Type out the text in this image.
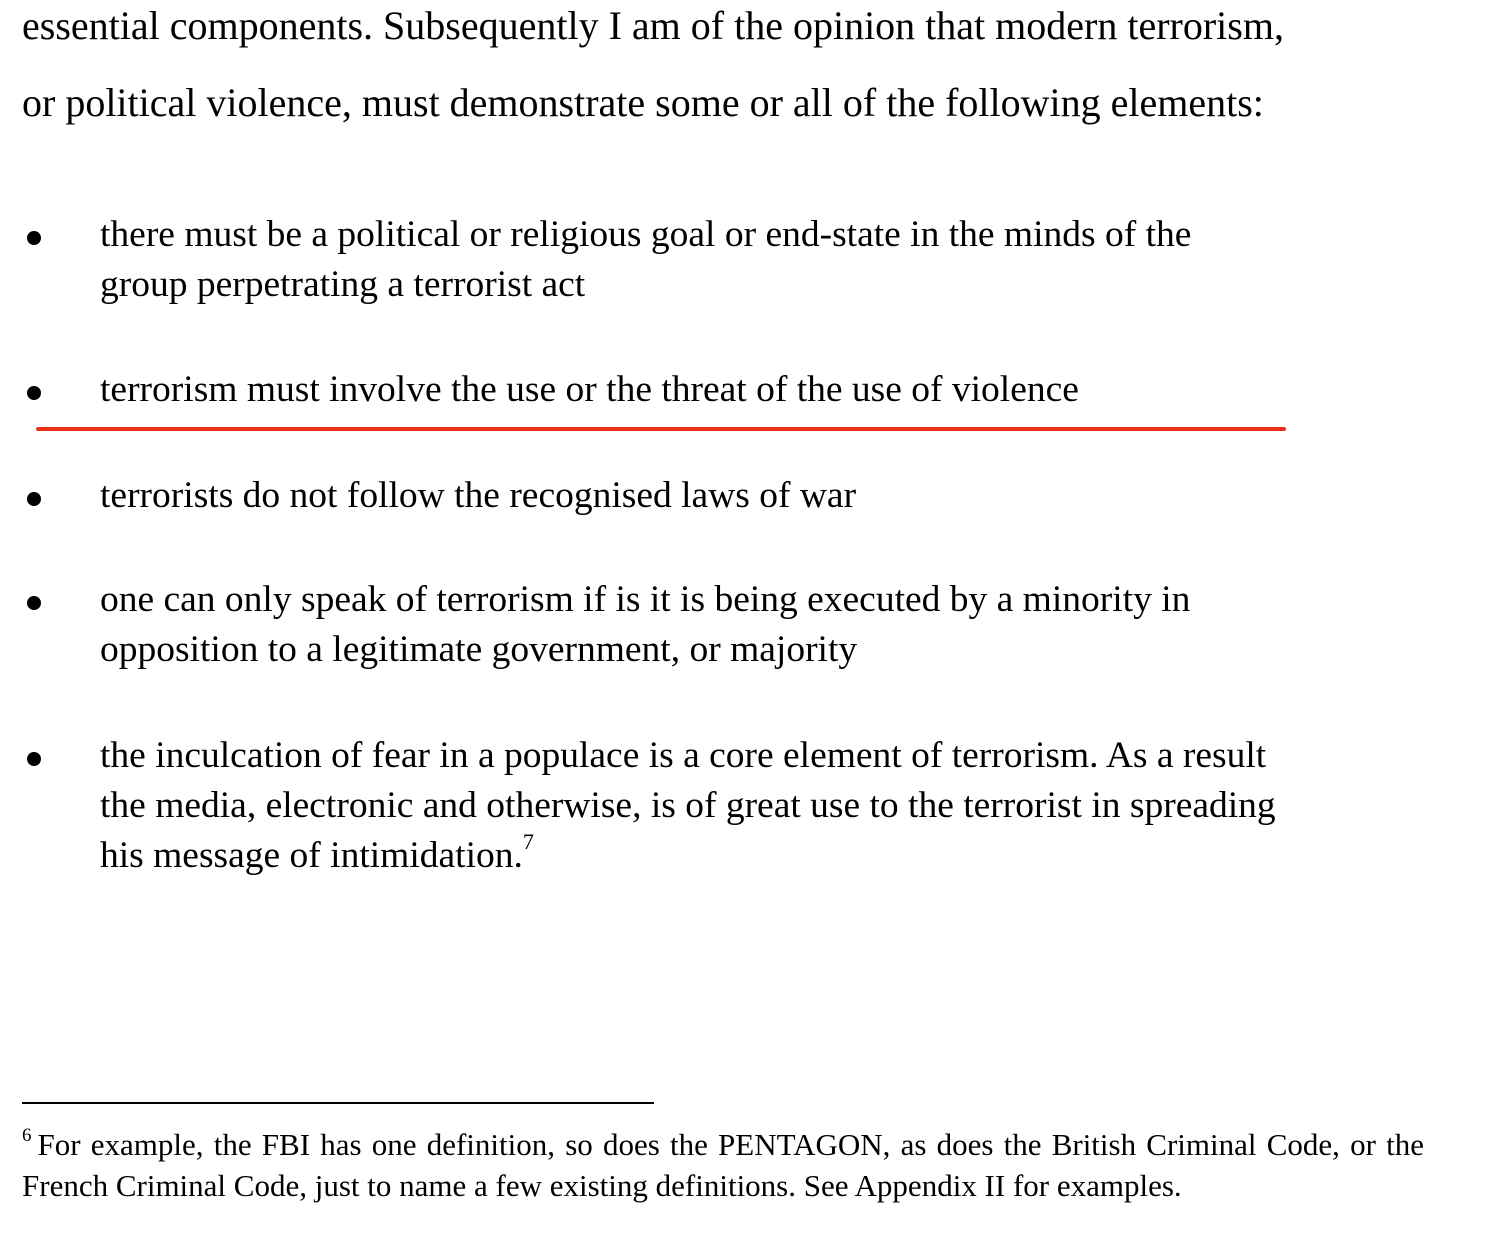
essential components. Subsequently I am of the opinion that modern terrorism,
or political violence, must demonstrate some or all of the following elements:
there must be a political or religious goal or end-state in the minds of the
group perpetrating a terrorist act
terrorism must involve the use or the threat of the use of violence
terrorists do not follow the recognised laws of war
one can only speak of terrorism if is it is being executed by a minority in
opposition to a legitimate government, or majority
the inculcation of fear in a populace is a core element of terrorism. As a result
the media, electronic and otherwise, is of great use to the terrorist in spreading
his message of intimidation.$^7$
$^6$ For example, the FBI has one definition, so does the PENTAGON, as does the British Criminal Code, or the French Criminal Code, just to name a few existing definitions. See Appendix II for examples.
